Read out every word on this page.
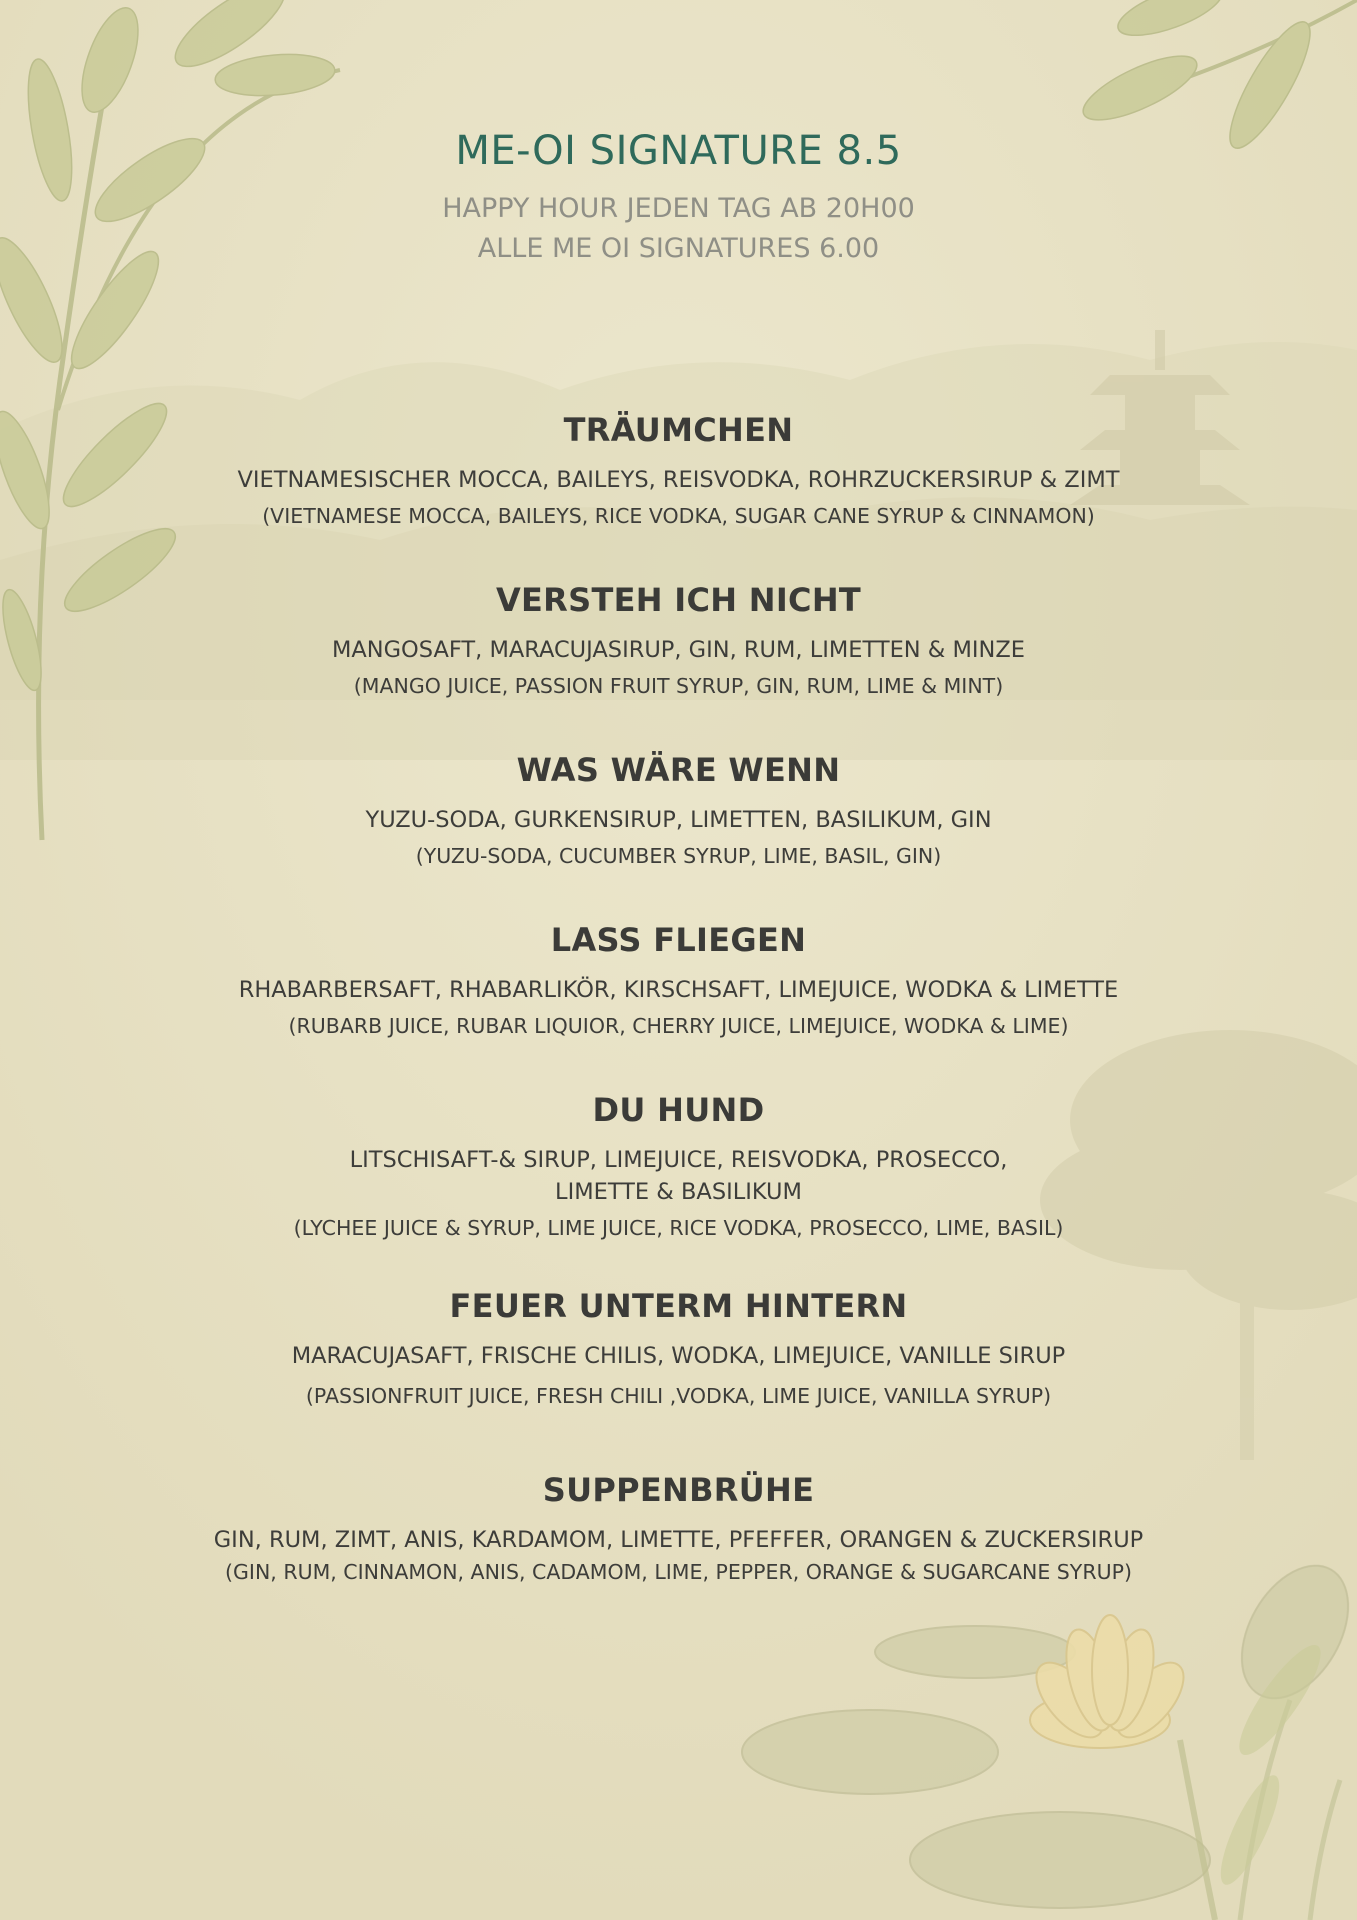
ME-OI SIGNATURE 8.5
HAPPY HOUR JEDEN TAG AB 20H00
ALLE ME OI SIGNATURES 6.00
TRÄUMCHEN
VIETNAMESISCHER MOCCA, BAILEYS, REISVODKA, ROHRZUCKERSIRUP & ZIMT
(VIETNAMESE MOCCA, BAILEYS, RICE VODKA, SUGAR CANE SYRUP & CINNAMON)
VERSTEH ICH NICHT
MANGOSAFT, MARACUJASIRUP, GIN, RUM, LIMETTEN & MINZE
(MANGO JUICE, PASSION FRUIT SYRUP, GIN, RUM, LIME & MINT)
WAS WÄRE WENN
YUZU-SODA, GURKENSIRUP, LIMETTEN, BASILIKUM, GIN
(YUZU-SODA, CUCUMBER SYRUP, LIME, BASIL, GIN)
LASS FLIEGEN
RHABARBERSAFT, RHABARLIKÖR, KIRSCHSAFT, LIMEJUICE, WODKA & LIMETTE
(RUBARB JUICE, RUBAR LIQUIOR, CHERRY JUICE, LIMEJUICE, WODKA & LIME)
DU HUND
LITSCHISAFT-& SIRUP, LIMEJUICE, REISVODKA, PROSECCO,
LIMETTE & BASILIKUM
(LYCHEE JUICE & SYRUP, LIME JUICE, RICE VODKA, PROSECCO, LIME, BASIL)
FEUER UNTERM HINTERN
MARACUJASAFT, FRISCHE CHILIS, WODKA, LIMEJUICE, VANILLE SIRUP
(PASSIONFRUIT JUICE, FRESH CHILI ,VODKA, LIME JUICE, VANILLA SYRUP)
SUPPENBRÜHE
GIN, RUM, ZIMT, ANIS, KARDAMOM, LIMETTE, PFEFFER, ORANGEN & ZUCKERSIRUP
(GIN, RUM, CINNAMON, ANIS, CADAMOM, LIME, PEPPER, ORANGE & SUGARCANE SYRUP)
